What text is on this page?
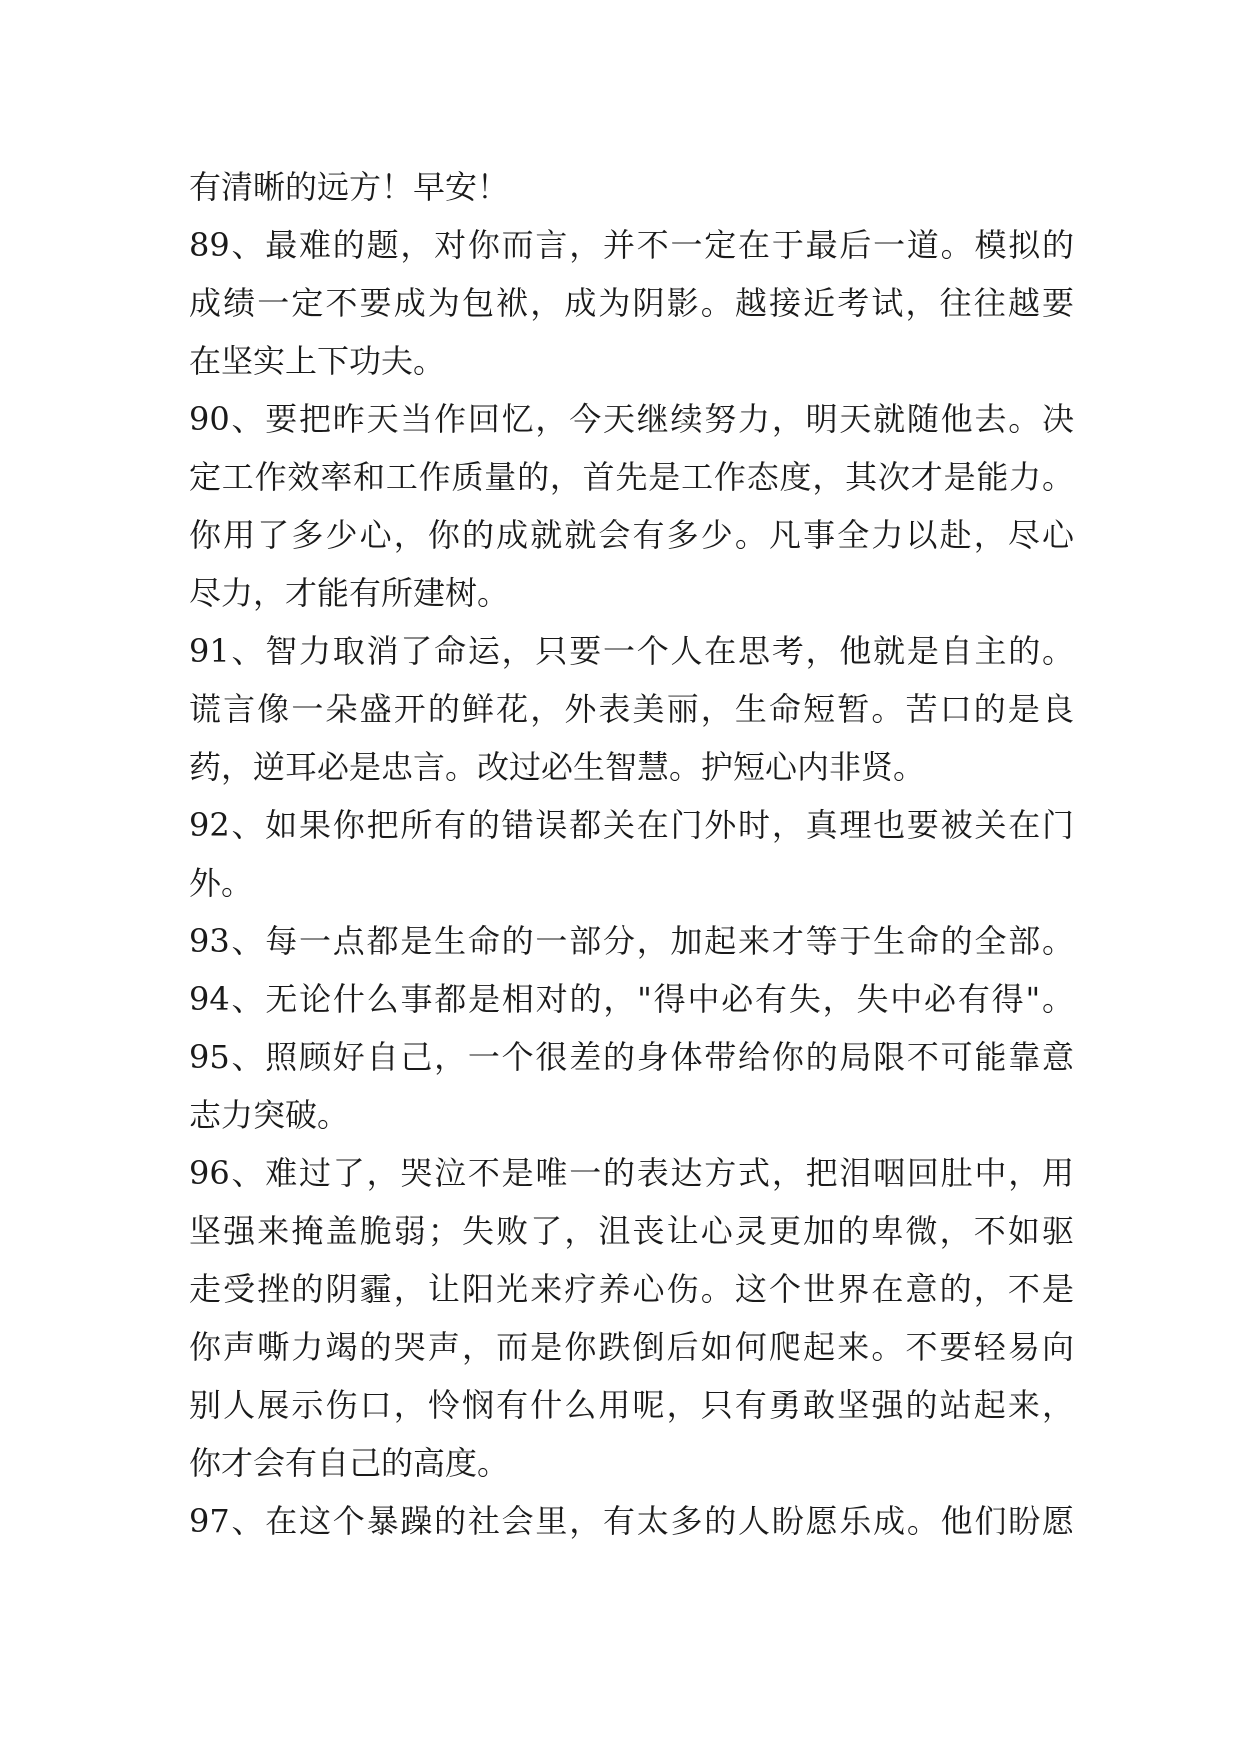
有清晰的远方！早安！
89、最难的题，对你而言，并不一定在于最后一道。模拟的
成绩一定不要成为包袱，成为阴影。越接近考试，往往越要
在坚实上下功夫。
90、要把昨天当作回忆，今天继续努力，明天就随他去。决
定工作效率和工作质量的，首先是工作态度，其次才是能力。
你用了多少心，你的成就就会有多少。凡事全力以赴，尽心
尽力，才能有所建树。
91、智力取消了命运，只要一个人在思考，他就是自主的。
谎言像一朵盛开的鲜花，外表美丽，生命短暂。苦口的是良
药，逆耳必是忠言。改过必生智慧。护短心内非贤。
92、如果你把所有的错误都关在门外时，真理也要被关在门
外。
93、每一点都是生命的一部分，加起来才等于生命的全部。
94、无论什么事都是相对的，"得中必有失，失中必有得"。
95、照顾好自己，一个很差的身体带给你的局限不可能靠意
志力突破。
96、难过了，哭泣不是唯一的表达方式，把泪咽回肚中，用
坚强来掩盖脆弱；失败了，沮丧让心灵更加的卑微，不如驱
走受挫的阴霾，让阳光来疗养心伤。这个世界在意的，不是
你声嘶力竭的哭声，而是你跌倒后如何爬起来。不要轻易向
别人展示伤口，怜悯有什么用呢，只有勇敢坚强的站起来，
你才会有自己的高度。
97、在这个暴躁的社会里，有太多的人盼愿乐成。他们盼愿
